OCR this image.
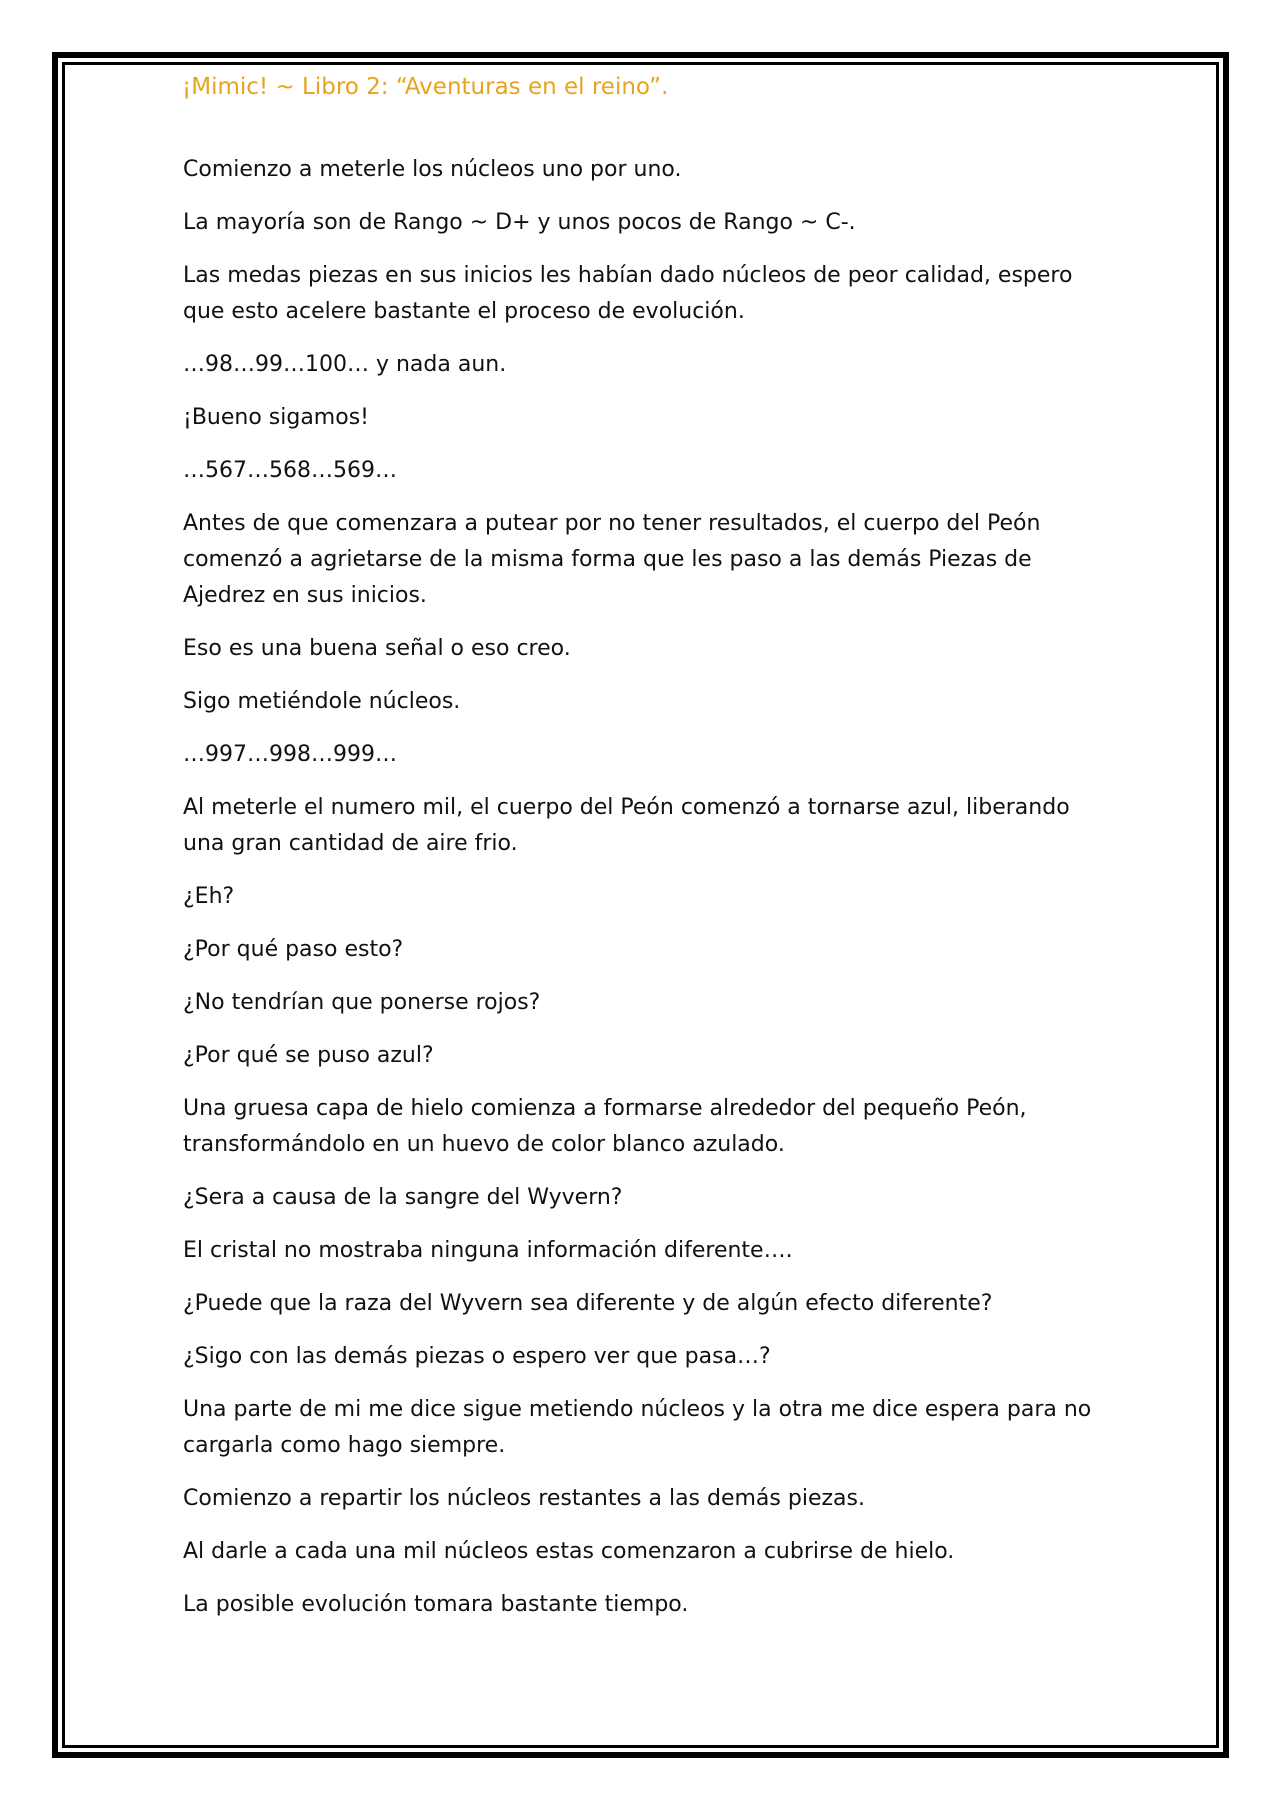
¡Mimic! ~ Libro 2: “Aventuras en el reino”.

Comienzo a meterle los núcleos uno por uno.

La mayoría son de Rango ~ D+ y unos pocos de Rango ~ C-.

Las medas piezas en sus inicios les habían dado núcleos de peor calidad, espero que esto acelere bastante el proceso de evolución.

…98…99…100… y nada aun.

¡Bueno sigamos!

…567…568…569…

Antes de que comenzara a putear por no tener resultados, el cuerpo del Peón comenzó a agrietarse de la misma forma que les paso a las demás Piezas de Ajedrez en sus inicios.

Eso es una buena señal o eso creo.

Sigo metiéndole núcleos.

…997…998…999…

Al meterle el numero mil, el cuerpo del Peón comenzó a tornarse azul, liberando una gran cantidad de aire frio.

¿Eh?

¿Por qué paso esto?

¿No tendrían que ponerse rojos?

¿Por qué se puso azul?

Una gruesa capa de hielo comienza a formarse alrededor del pequeño Peón, transformándolo en un huevo de color blanco azulado.

¿Sera a causa de la sangre del Wyvern?

El cristal no mostraba ninguna información diferente….

¿Puede que la raza del Wyvern sea diferente y de algún efecto diferente?

¿Sigo con las demás piezas o espero ver que pasa…?

Una parte de mi me dice sigue metiendo núcleos y la otra me dice espera para no cargarla como hago siempre.

Comienzo a repartir los núcleos restantes a las demás piezas.

Al darle a cada una mil núcleos estas comenzaron a cubrirse de hielo.

La posible evolución tomara bastante tiempo.
